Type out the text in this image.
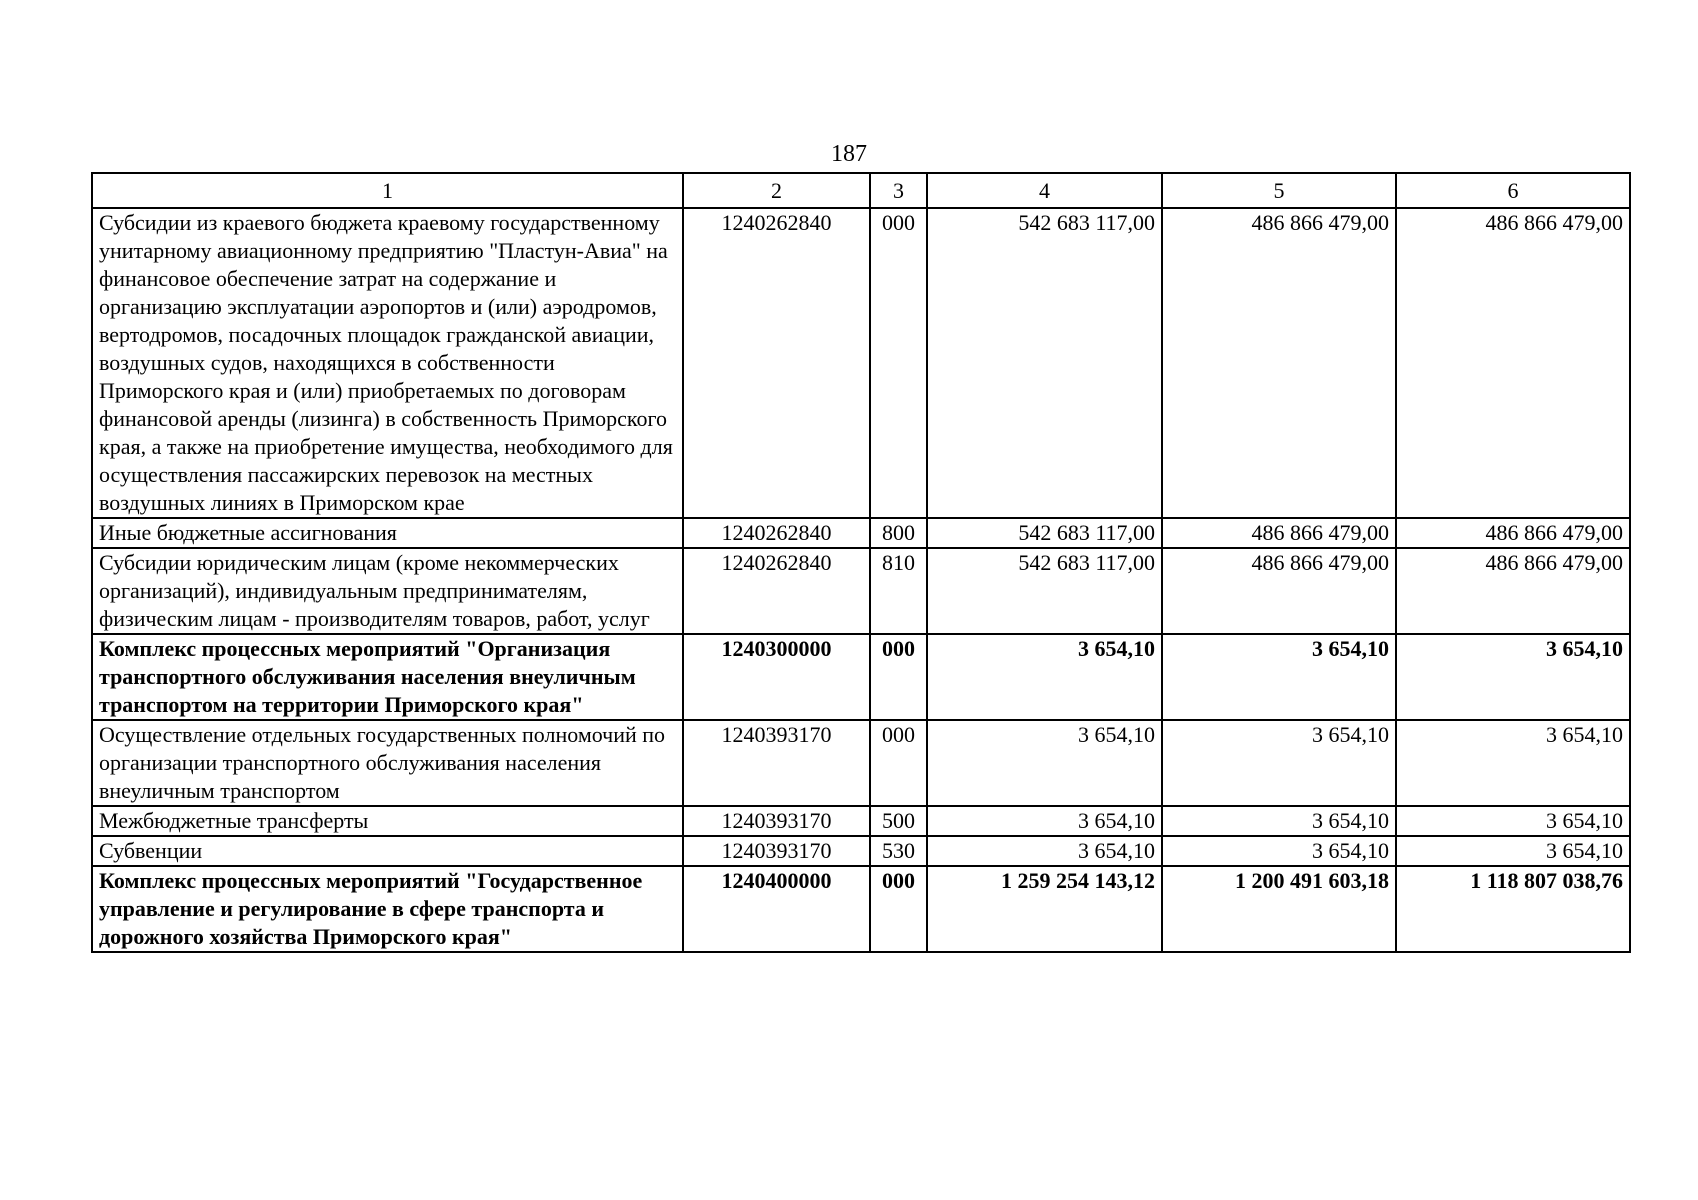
187
1	2	3	4	5	6
Субсидии из краевого бюджета краевому государственному унитарному авиационному предприятию "Пластун-Авиа" на финансовое обеспечение затрат на содержание и организацию эксплуатации аэропортов и (или) аэродромов, вертодромов, посадочных площадок гражданской авиации, воздушных судов, находящихся в собственности Приморского края и (или) приобретаемых по договорам финансовой аренды (лизинга) в собственность Приморского края, а также на приобретение имущества, необходимого для осуществления пассажирских перевозок на местных воздушных линиях в Приморском крае	1240262840	000	542 683 117,00	486 866 479,00	486 866 479,00
Иные бюджетные ассигнования	1240262840	800	542 683 117,00	486 866 479,00	486 866 479,00
Субсидии юридическим лицам (кроме некоммерческих организаций), индивидуальным предпринимателям, физическим лицам - производителям товаров, работ, услуг	1240262840	810	542 683 117,00	486 866 479,00	486 866 479,00
Комплекс процессных мероприятий "Организация транспортного обслуживания населения внеуличным транспортом на территории Приморского края"	1240300000	000	3 654,10	3 654,10	3 654,10
Осуществление отдельных государственных полномочий по организации транспортного обслуживания населения внеуличным транспортом	1240393170	000	3 654,10	3 654,10	3 654,10
Межбюджетные трансферты	1240393170	500	3 654,10	3 654,10	3 654,10
Субвенции	1240393170	530	3 654,10	3 654,10	3 654,10
Комплекс процессных мероприятий "Государственное управление и регулирование в сфере транспорта и дорожного хозяйства Приморского края"	1240400000	000	1 259 254 143,12	1 200 491 603,18	1 118 807 038,76
